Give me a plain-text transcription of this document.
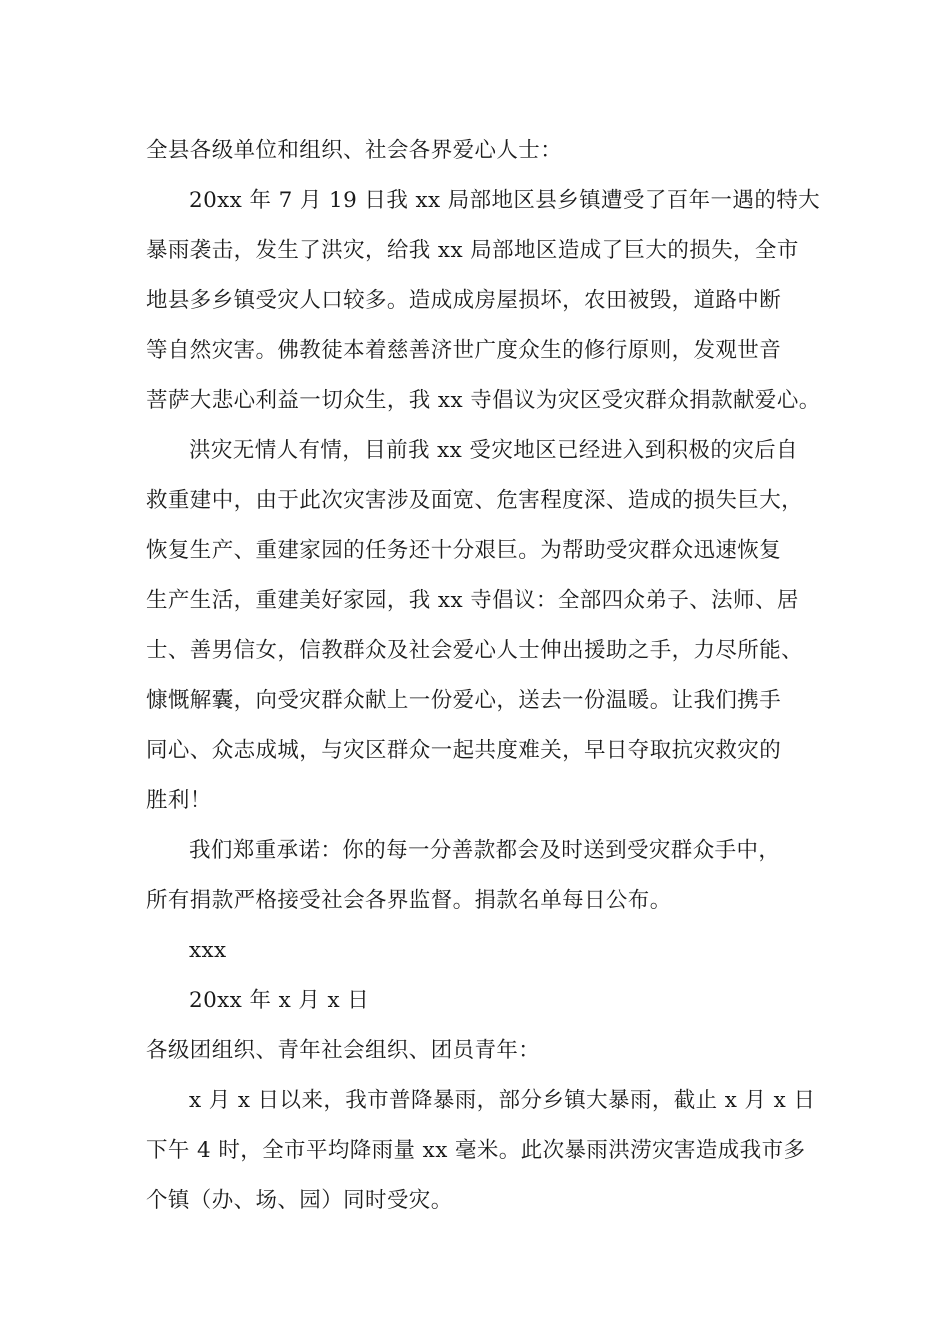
全县各级单位和组织、社会各界爱心人士：
20xx 年 7 月 19 日我 xx 局部地区县乡镇遭受了百年一遇的特大
暴雨袭击，发生了洪灾，给我 xx 局部地区造成了巨大的损失，全市
地县多乡镇受灾人口较多。造成成房屋损坏，农田被毁，道路中断
等自然灾害。佛教徒本着慈善济世广度众生的修行原则，发观世音
菩萨大悲心利益一切众生，我 xx 寺倡议为灾区受灾群众捐款献爱心。
洪灾无情人有情，目前我 xx 受灾地区已经进入到积极的灾后自
救重建中，由于此次灾害涉及面宽、危害程度深、造成的损失巨大，
恢复生产、重建家园的任务还十分艰巨。为帮助受灾群众迅速恢复
生产生活，重建美好家园，我 xx 寺倡议：全部四众弟子、法师、居
士、善男信女，信教群众及社会爱心人士伸出援助之手，力尽所能、
慷慨解囊，向受灾群众献上一份爱心，送去一份温暖。让我们携手
同心、众志成城，与灾区群众一起共度难关，早日夺取抗灾救灾的
胜利！
我们郑重承诺：你的每一分善款都会及时送到受灾群众手中，
所有捐款严格接受社会各界监督。捐款名单每日公布。
xxx
20xx 年 x 月 x 日
各级团组织、青年社会组织、团员青年：
x 月 x 日以来，我市普降暴雨，部分乡镇大暴雨，截止 x 月 x 日
下午 4 时，全市平均降雨量 xx 毫米。此次暴雨洪涝灾害造成我市多
个镇（办、场、园）同时受灾。
